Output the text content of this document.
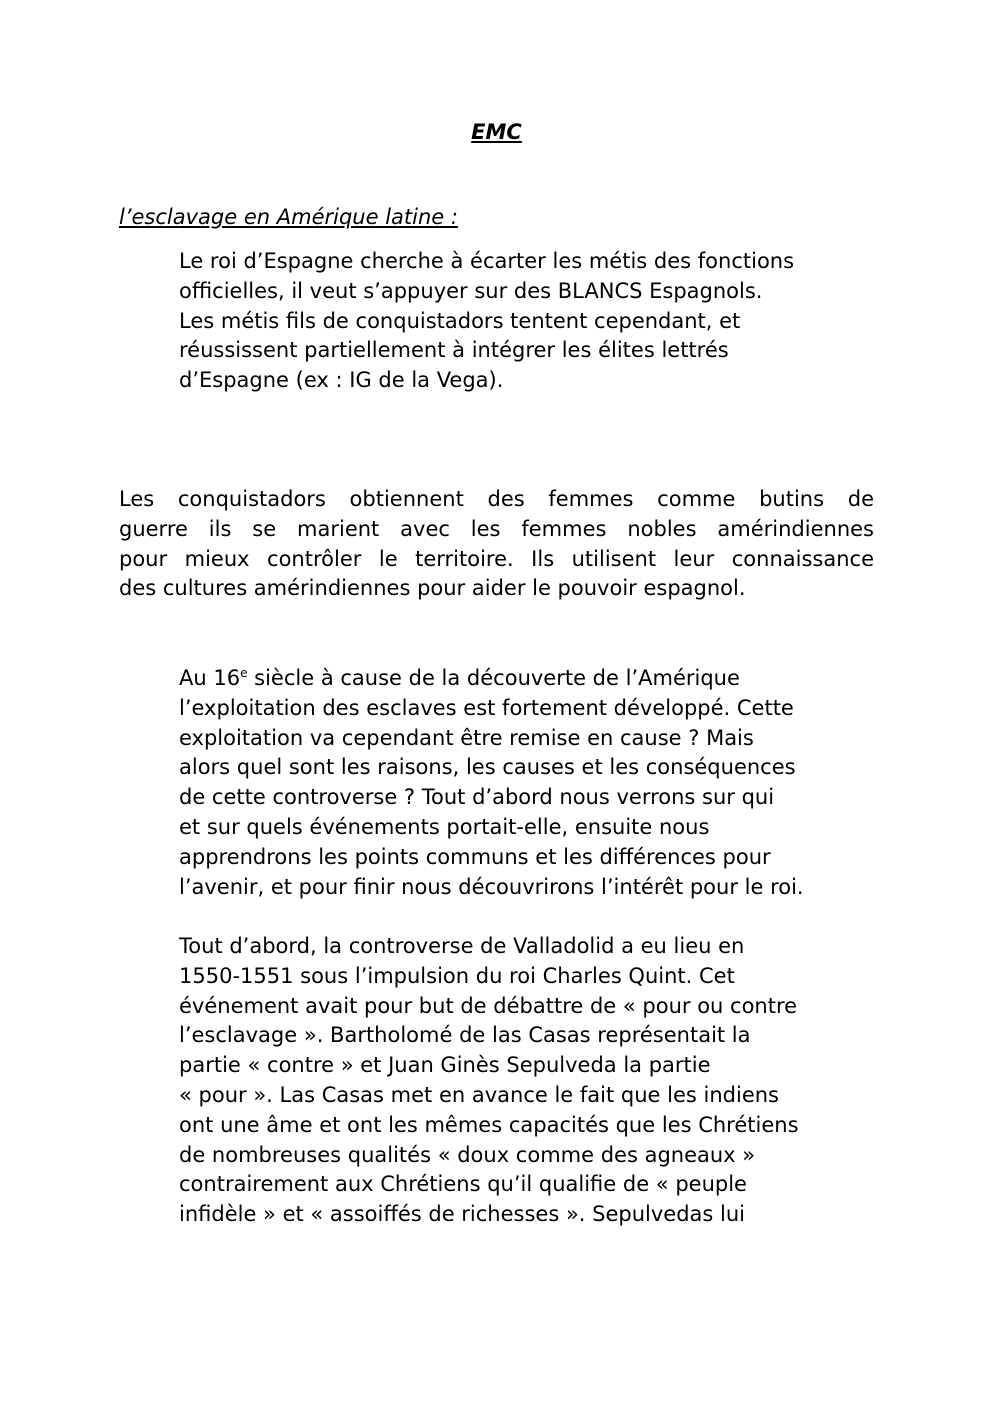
EMC
l’esclavage en Amérique latine :
Le roi d’Espagne cherche à écarter les métis des fonctions
officielles, il veut s’appuyer sur des BLANCS Espagnols.
Les métis fils de conquistadors tentent cependant, et
réussissent partiellement à intégrer les élites lettrés
d’Espagne (ex : IG de la Vega).
Les conquistadors obtiennent des femmes comme butins de
guerre ils se marient avec les femmes nobles amérindiennes
pour mieux contrôler le territoire. Ils utilisent leur connaissance
des cultures amérindiennes pour aider le pouvoir espagnol.
Au 16e siècle à cause de la découverte de l’Amérique
l’exploitation des esclaves est fortement développé. Cette
exploitation va cependant être remise en cause ? Mais
alors quel sont les raisons, les causes et les conséquences
de cette controverse ? Tout d’abord nous verrons sur qui
et sur quels événements portait-elle, ensuite nous
apprendrons les points communs et les différences pour
l’avenir, et pour finir nous découvrirons l’intérêt pour le roi.
Tout d’abord, la controverse de Valladolid a eu lieu en
1550-1551 sous l’impulsion du roi Charles Quint. Cet
événement avait pour but de débattre de « pour ou contre
l’esclavage ». Bartholomé de las Casas représentait la
partie « contre » et Juan Ginès Sepulveda la partie
« pour ». Las Casas met en avance le fait que les indiens
ont une âme et ont les mêmes capacités que les Chrétiens
de nombreuses qualités « doux comme des agneaux »
contrairement aux Chrétiens qu’il qualifie de « peuple
infidèle » et « assoiffés de richesses ». Sepulvedas lui
